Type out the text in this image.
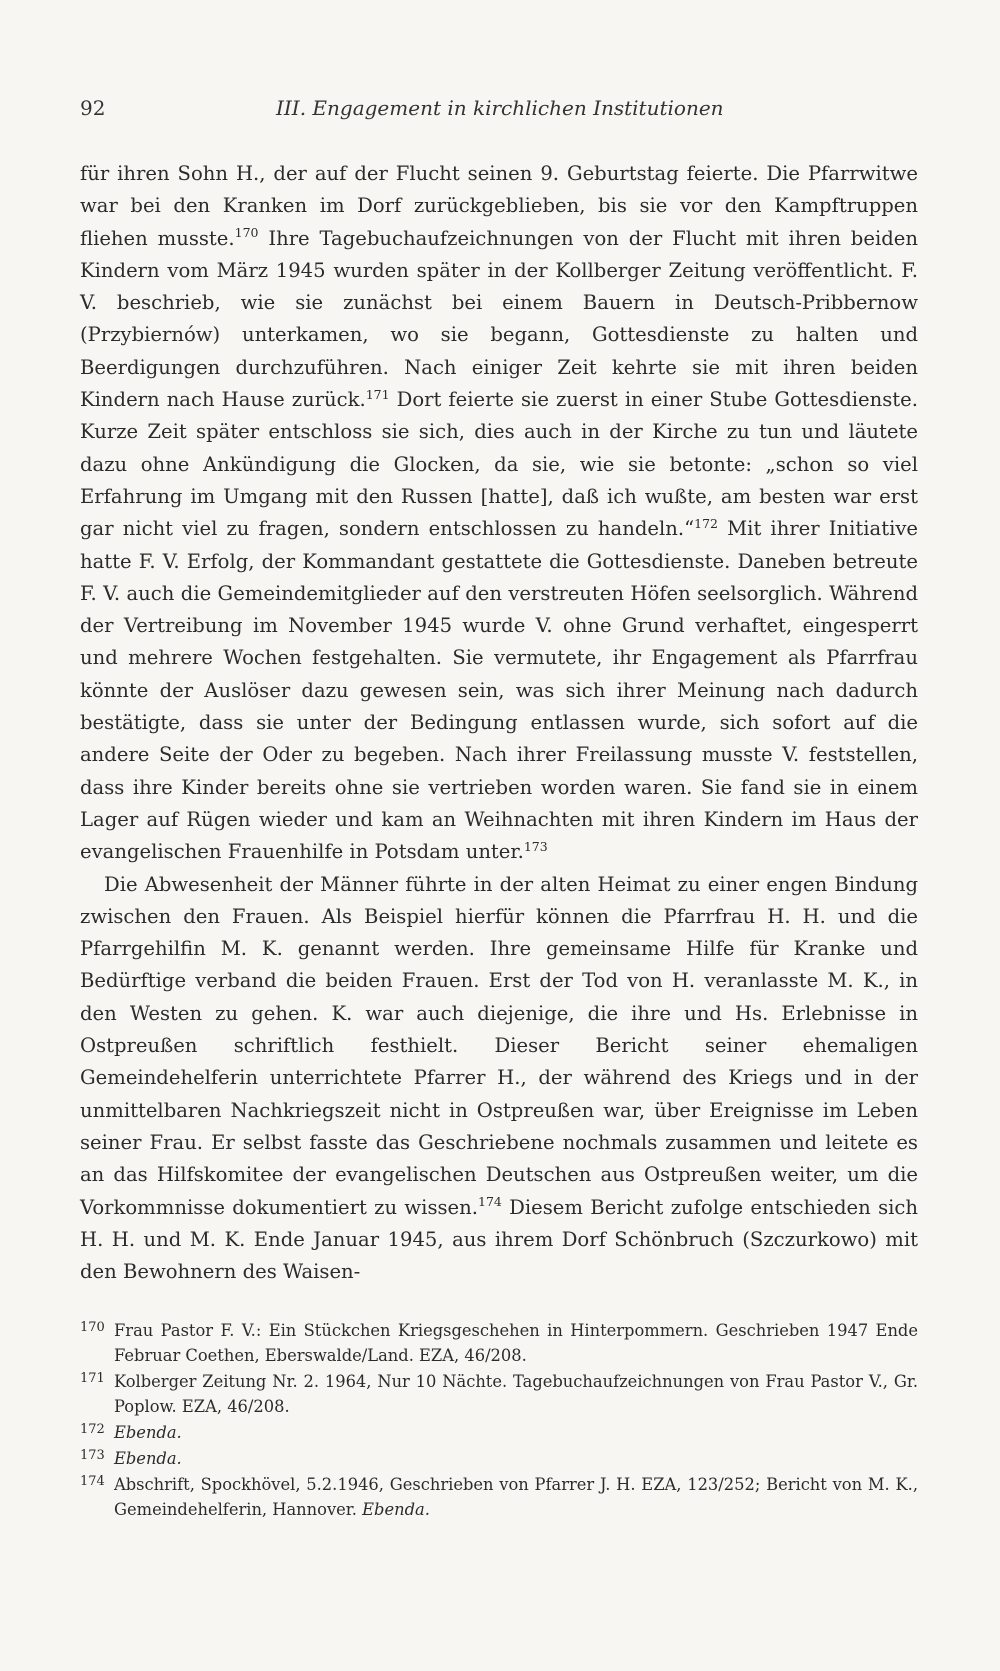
92	III. Engagement in kirchlichen Institutionen

für ihren Sohn H., der auf der Flucht seinen 9. Geburtstag feierte. Die Pfarrwitwe war bei den Kranken im Dorf zurückgeblieben, bis sie vor den Kampftruppen fliehen musste.$^{170}$ Ihre Tagebuchaufzeichnungen von der Flucht mit ihren beiden Kindern vom März 1945 wurden später in der Kollberger Zeitung veröffentlicht. F. V. beschrieb, wie sie zunächst bei einem Bauern in Deutsch-Pribbernow (Przybiernów) unterkamen, wo sie begann, Gottesdienste zu halten und Beerdigungen durchzuführen. Nach einiger Zeit kehrte sie mit ihren beiden Kindern nach Hause zurück.$^{171}$ Dort feierte sie zuerst in einer Stube Gottesdienste. Kurze Zeit später entschloss sie sich, dies auch in der Kirche zu tun und läutete dazu ohne Ankündigung die Glocken, da sie, wie sie betonte: „schon so viel Erfahrung im Umgang mit den Russen [hatte], daß ich wußte, am besten war erst gar nicht viel zu fragen, sondern entschlossen zu handeln.“$^{172}$ Mit ihrer Initiative hatte F. V. Erfolg, der Kommandant gestattete die Gottesdienste. Daneben betreute F. V. auch die Gemeindemitglieder auf den verstreuten Höfen seelsorglich. Während der Vertreibung im November 1945 wurde V. ohne Grund verhaftet, eingesperrt und mehrere Wochen festgehalten. Sie vermutete, ihr Engagement als Pfarrfrau könnte der Auslöser dazu gewesen sein, was sich ihrer Meinung nach dadurch bestätigte, dass sie unter der Bedingung entlassen wurde, sich sofort auf die andere Seite der Oder zu begeben. Nach ihrer Freilassung musste V. feststellen, dass ihre Kinder bereits ohne sie vertrieben worden waren. Sie fand sie in einem Lager auf Rügen wieder und kam an Weihnachten mit ihren Kindern im Haus der evangelischen Frauenhilfe in Potsdam unter.$^{173}$

Die Abwesenheit der Männer führte in der alten Heimat zu einer engen Bindung zwischen den Frauen. Als Beispiel hierfür können die Pfarrfrau H. H. und die Pfarrgehilfin M. K. genannt werden. Ihre gemeinsame Hilfe für Kranke und Bedürftige verband die beiden Frauen. Erst der Tod von H. veranlasste M. K., in den Westen zu gehen. K. war auch diejenige, die ihre und Hs. Erlebnisse in Ostpreußen schriftlich festhielt. Dieser Bericht seiner ehemaligen Gemeindehelferin unterrichtete Pfarrer H., der während des Kriegs und in der unmittelbaren Nachkriegszeit nicht in Ostpreußen war, über Ereignisse im Leben seiner Frau. Er selbst fasste das Geschriebene nochmals zusammen und leitete es an das Hilfskomitee der evangelischen Deutschen aus Ostpreußen weiter, um die Vorkommnisse dokumentiert zu wissen.$^{174}$ Diesem Bericht zufolge entschieden sich H. H. und M. K. Ende Januar 1945, aus ihrem Dorf Schönbruch (Szczurkowo) mit den Bewohnern des Waisen-

170 Frau Pastor F. V.: Ein Stückchen Kriegsgeschehen in Hinterpommern. Geschrieben 1947 Ende Februar Coethen, Eberswalde/Land. EZA, 46/208.
171 Kolberger Zeitung Nr. 2. 1964, Nur 10 Nächte. Tagebuchaufzeichnungen von Frau Pastor V., Gr. Poplow. EZA, 46/208.
172 Ebenda.
173 Ebenda.
174 Abschrift, Spockhövel, 5.2.1946, Geschrieben von Pfarrer J. H. EZA, 123/252; Bericht von M. K., Gemeindehelferin, Hannover. Ebenda.
